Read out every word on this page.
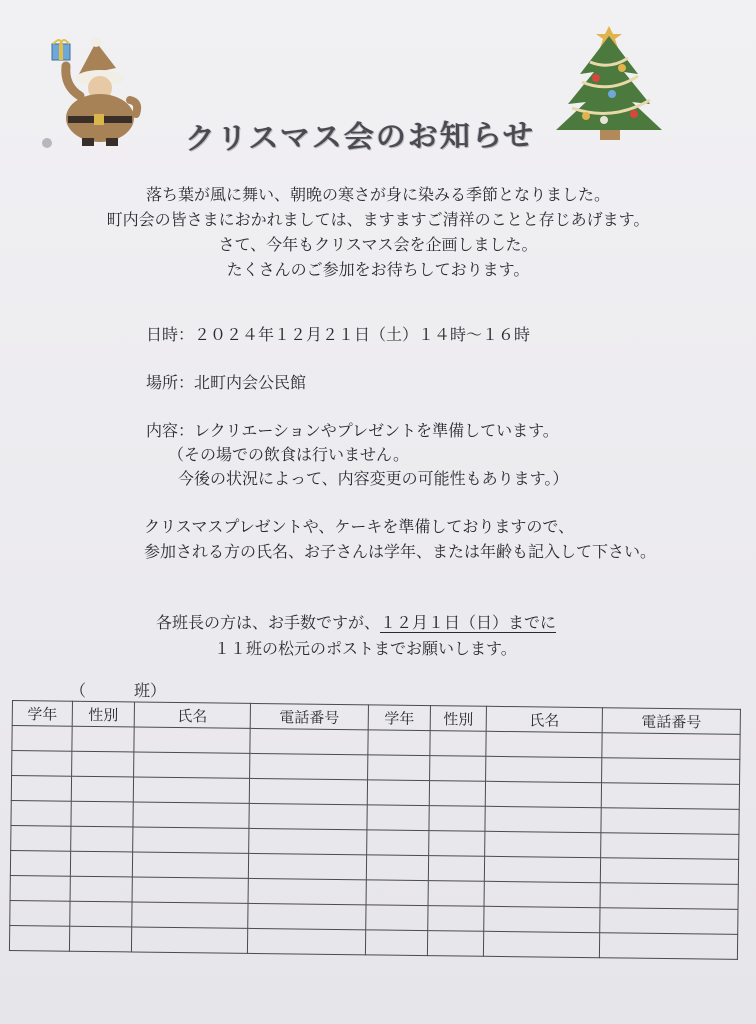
クリスマス会のお知らせ
落ち葉が風に舞い、朝晩の寒さが身に染みる季節となりました。
町内会の皆さまにおかれましては、ますますご清祥のことと存じあげます。
さて、今年もクリスマス会を企画しました。
たくさんのご参加をお待ちしております。
日時：２０２４年１２月２１日（土）１４時～１６時
場所：北町内会公民館
内容：レクリエーションやプレゼントを準備しています。
（その場での飲食は行いません。
今後の状況によって、内容変更の可能性もあります。）
クリスマスプレゼントや、ケーキを準備しておりますので、
参加される方の氏名、お子さんは学年、または年齢も記入して下さい。
各班長の方は、お手数ですが、１２月１日（日）までに
１１班の松元のポストまでお願いします。
（　　　班）
学年	性別	氏名	電話番号	学年	性別	氏名	電話番号
